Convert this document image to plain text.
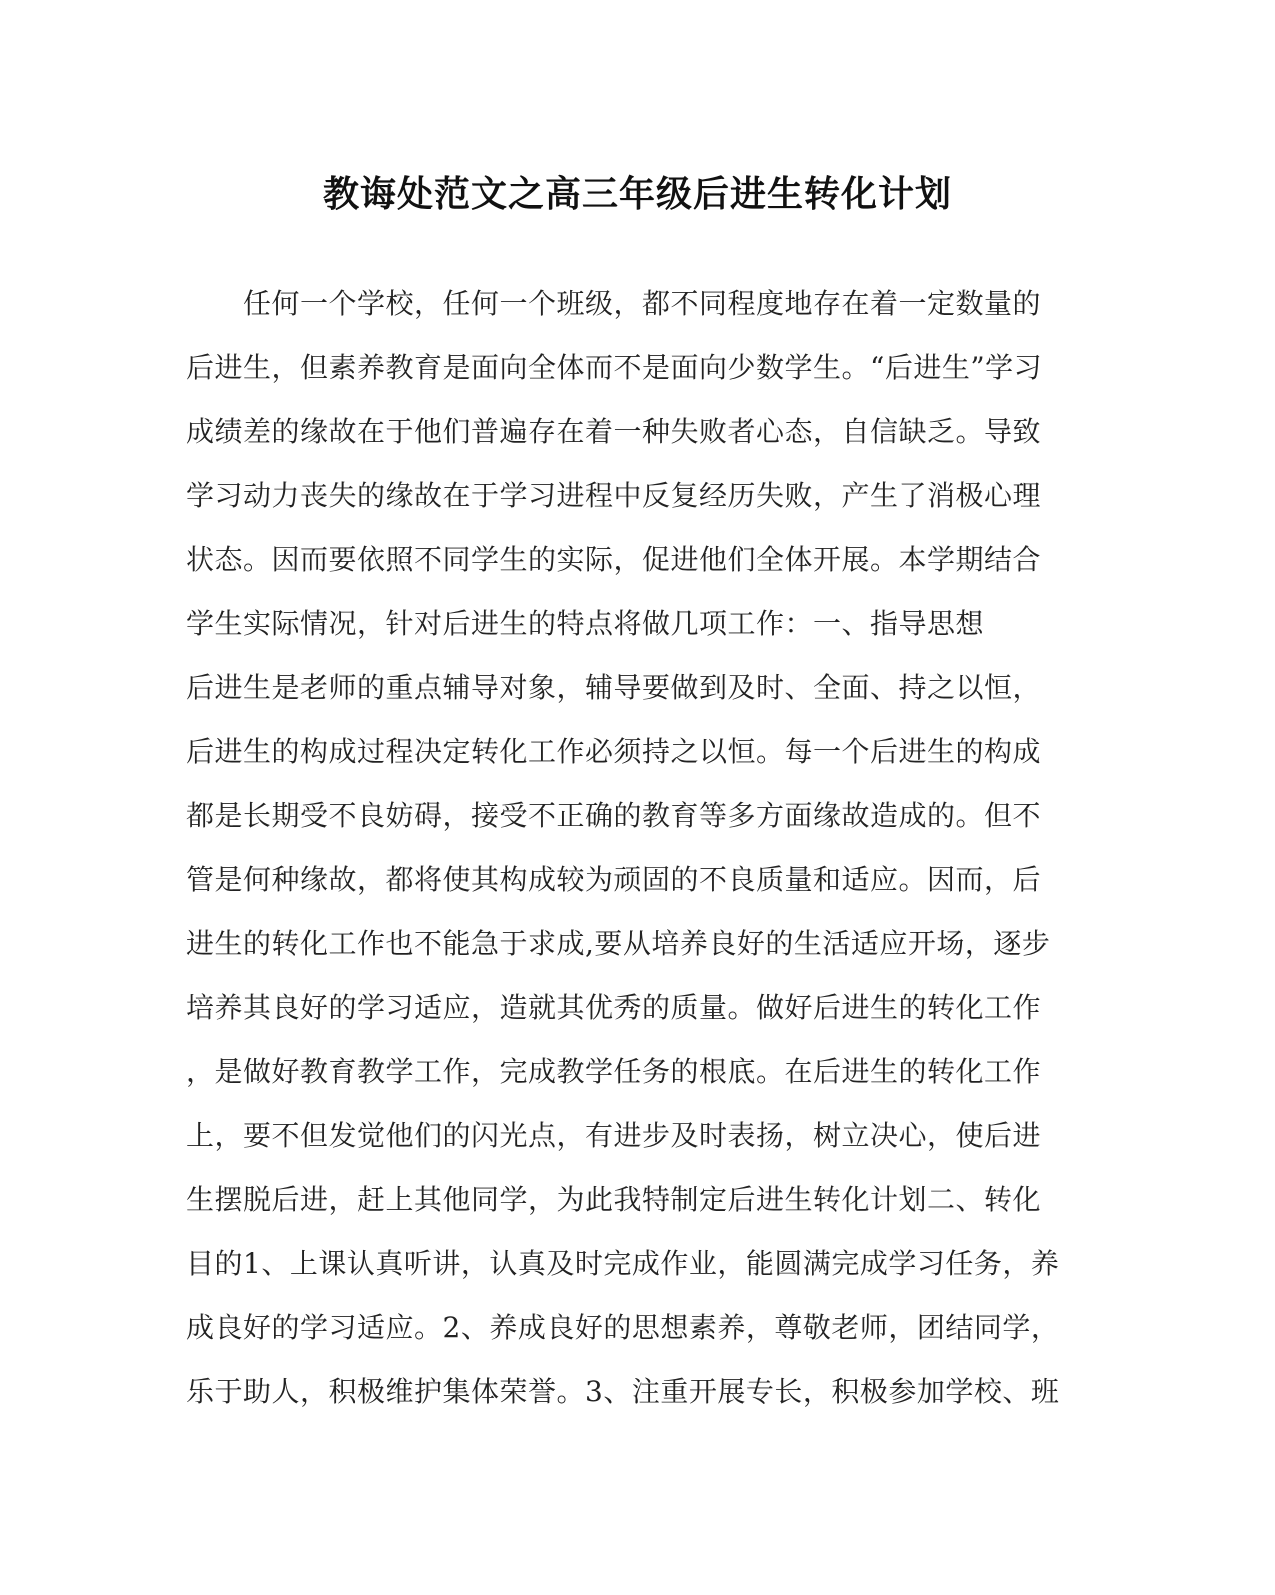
教诲处范文之高三年级后进生转化计划
　　任何一个学校，任何一个班级，都不同程度地存在着一定数量的
后进生，但素养教育是面向全体而不是面向少数学生。“后进生”学习
成绩差的缘故在于他们普遍存在着一种失败者心态，自信缺乏。导致
学习动力丧失的缘故在于学习进程中反复经历失败，产生了消极心理
状态。因而要依照不同学生的实际，促进他们全体开展。本学期结合
学生实际情况，针对后进生的特点将做几项工作：一、指导思想
后进生是老师的重点辅导对象，辅导要做到及时、全面、持之以恒，
后进生的构成过程决定转化工作必须持之以恒。每一个后进生的构成
都是长期受不良妨碍，接受不正确的教育等多方面缘故造成的。但不
管是何种缘故，都将使其构成较为顽固的不良质量和适应。因而，后
进生的转化工作也不能急于求成,要从培养良好的生活适应开场，逐步
培养其良好的学习适应，造就其优秀的质量。做好后进生的转化工作
，是做好教育教学工作，完成教学任务的根底。在后进生的转化工作
上，要不但发觉他们的闪光点，有进步及时表扬，树立决心，使后进
生摆脱后进，赶上其他同学，为此我特制定后进生转化计划二、转化
目的1、上课认真听讲，认真及时完成作业，能圆满完成学习任务，养
成良好的学习适应。2、养成良好的思想素养，尊敬老师，团结同学，
乐于助人，积极维护集体荣誉。3、注重开展专长，积极参加学校、班
